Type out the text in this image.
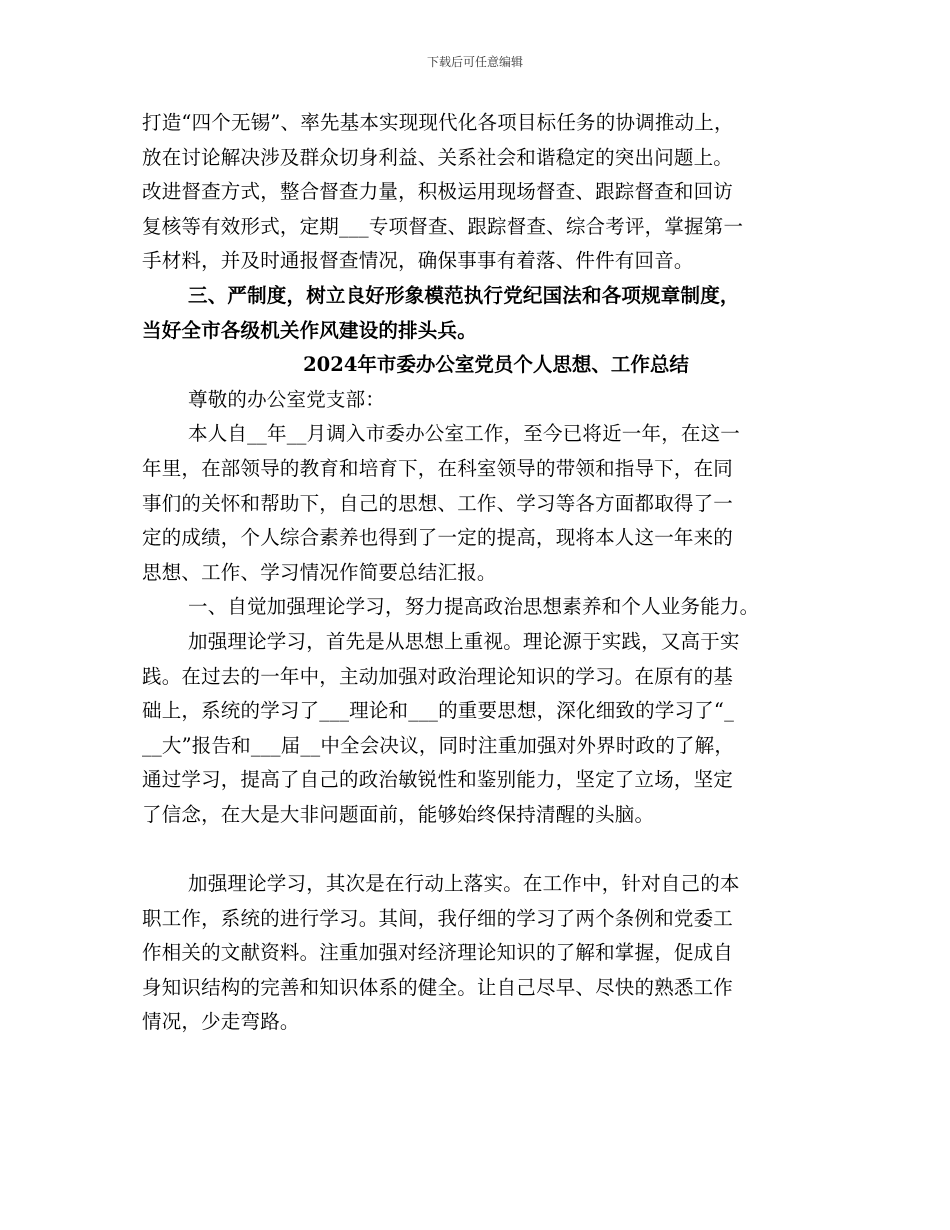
下载后可任意编辑
打造“四个无锡”、率先基本实现现代化各项目标任务的协调推动上，
放在讨论解决涉及群众切身利益、关系社会和谐稳定的突出问题上。
改进督查方式，整合督查力量，积极运用现场督查、跟踪督查和回访
复核等有效形式，定期___专项督查、跟踪督查、综合考评，掌握第一
手材料，并及时通报督查情况，确保事事有着落、件件有回音。
三、严制度，树立良好形象模范执行党纪国法和各项规章制度，
当好全市各级机关作风建设的排头兵。
2024年市委办公室党员个人思想、工作总结
尊敬的办公室党支部：
本人自__年__月调入市委办公室工作，至今已将近一年，在这一
年里，在部领导的教育和培育下，在科室领导的带领和指导下，在同
事们的关怀和帮助下，自己的思想、工作、学习等各方面都取得了一
定的成绩，个人综合素养也得到了一定的提高，现将本人这一年来的
思想、工作、学习情况作简要总结汇报。
一、自觉加强理论学习，努力提高政治思想素养和个人业务能力。
加强理论学习，首先是从思想上重视。理论源于实践，又高于实
践。在过去的一年中，主动加强对政治理论知识的学习。在原有的基
础上，系统的学习了___理论和___的重要思想，深化细致的学习了“_
__大”报告和___届__中全会决议，同时注重加强对外界时政的了解，
通过学习，提高了自己的政治敏锐性和鉴别能力，坚定了立场，坚定
了信念，在大是大非问题面前，能够始终保持清醒的头脑。
加强理论学习，其次是在行动上落实。在工作中，针对自己的本
职工作，系统的进行学习。其间，我仔细的学习了两个条例和党委工
作相关的文献资料。注重加强对经济理论知识的了解和掌握，促成自
身知识结构的完善和知识体系的健全。让自己尽早、尽快的熟悉工作
情况，少走弯路。
